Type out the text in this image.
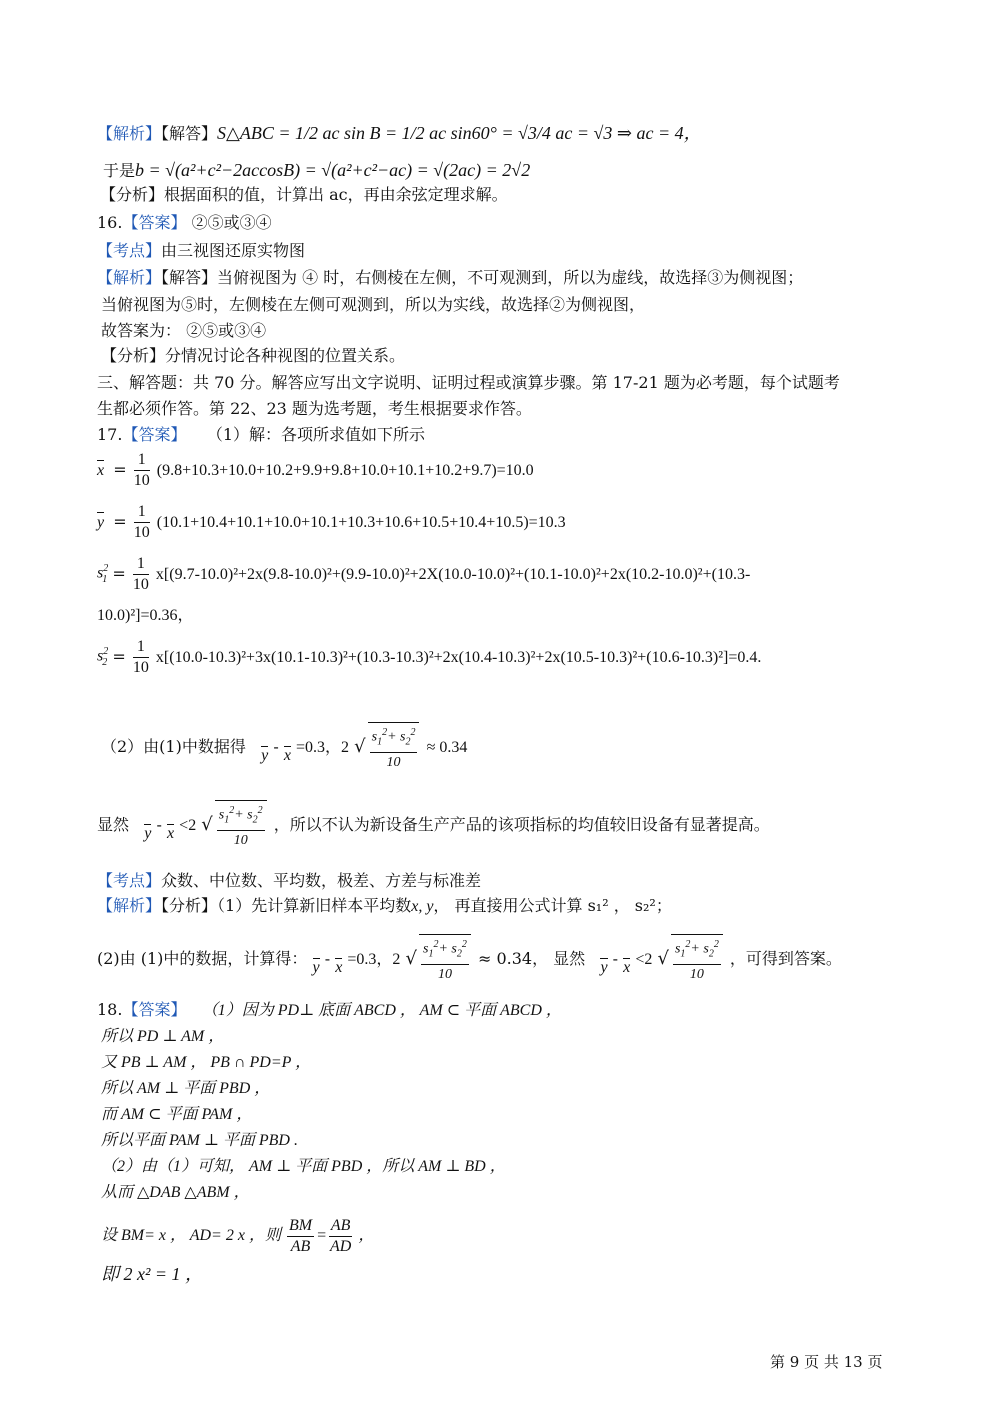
【解析】【解答】S△ABC = 1/2 ac sin B = 1/2 ac sin60° = √3/4 ac = √3 ⇒ ac = 4，
于是b = √(a²+c²−2accosB) = √(a²+c²−ac) = √(2ac) = 2√2
【分析】根据面积的值，计算出 ac，再由余弦定理求解。
16.【答案】 ②⑤或③④
【考点】由三视图还原实物图
【解析】【解答】当俯视图为 ④ 时，右侧棱在左侧，不可观测到，所以为虚线，故选择③为侧视图；
当俯视图为⑤时，左侧棱在左侧可观测到，所以为实线，故选择②为侧视图，
故答案为： ②⑤或③④
【分析】分情况讨论各种视图的位置关系。
三、解答题：共 70 分。解答应写出文字说明、证明过程或演算步骤。第 17-21 题为必考题，每个试题考
生都必须作答。第 22、23 题为选考题，考生根据要求作答。
17.【答案】 （1）解：各项所求值如下所示
$x = \frac{1}{10} (9.8+10.3+10.0+10.2+9.9+9.8+10.0+10.1+10.2+9.7)=10.0$
$y = \frac{1}{10} (10.1+10.4+10.1+10.0+10.1+10.3+10.6+10.5+10.4+10.5)=10.3$
$s^2_1 = \frac{1}{10} x[(9.7-10.0)^2+2x(9.8-10.0)^2+(9.9-10.0)^2+2X(10.0-10.0)^2+(10.1-10.0)^2+2x(10.2-10.0)^2+(10.3-$
10.0)²]=0.36，
$s^2_2 = \frac{1}{10} x[(10.0-10.3)^2+3x(10.1-10.3)^2+(10.3-10.3)^2+2x(10.4-10.3)^2+2x(10.5-10.3)^2+(10.6-10.3)^2]=0.4$.
（2）由(1)中数据得 y - x =0.3，2 √ $\frac{s_1^2+ s_2^2}{10} \approx 0.34$
显然 y - x <2 √ $\frac{s_1^2+ s_2^2}{10}$ ，所以不认为新设备生产产品的该项指标的均值较旧设备有显著提高。
【考点】众数、中位数、平均数，极差、方差与标准差
【解析】【分析】（1）先计算新旧样本平均数x, y， 再直接用公式计算 s₁² ， s₂²；
(2)由 (1)中的数据，计算得： y - x =0.3，2 √ $\frac{s_1^2+ s_2^2}{10} \approx 0.34$， 显然 y - x <2 √ $\frac{s_1^2+ s_2^2}{10}$ ，可得到答案。
18.【答案】 （1）因为 PD⊥ 底面 ABCD ， AM ⊂ 平面 ABCD ，
所以 PD ⊥ AM ，
又 PB ⊥ AM ， PB ∩ PD=P ，
所以 AM ⊥ 平面 PBD ，
而 AM ⊂ 平面 PAM ，
所以平面 PAM ⊥ 平面 PBD .
（2）由（1）可知， AM ⊥ 平面 PBD ，所以 AM ⊥ BD ，
从而 △DAB △ABM ，
设 BM= x ， AD= 2 x ，则 $\frac{BM}{AB} = \frac{AB}{AD}$ ，
即 2 x² = 1 ，
第 9 页 共 13 页
